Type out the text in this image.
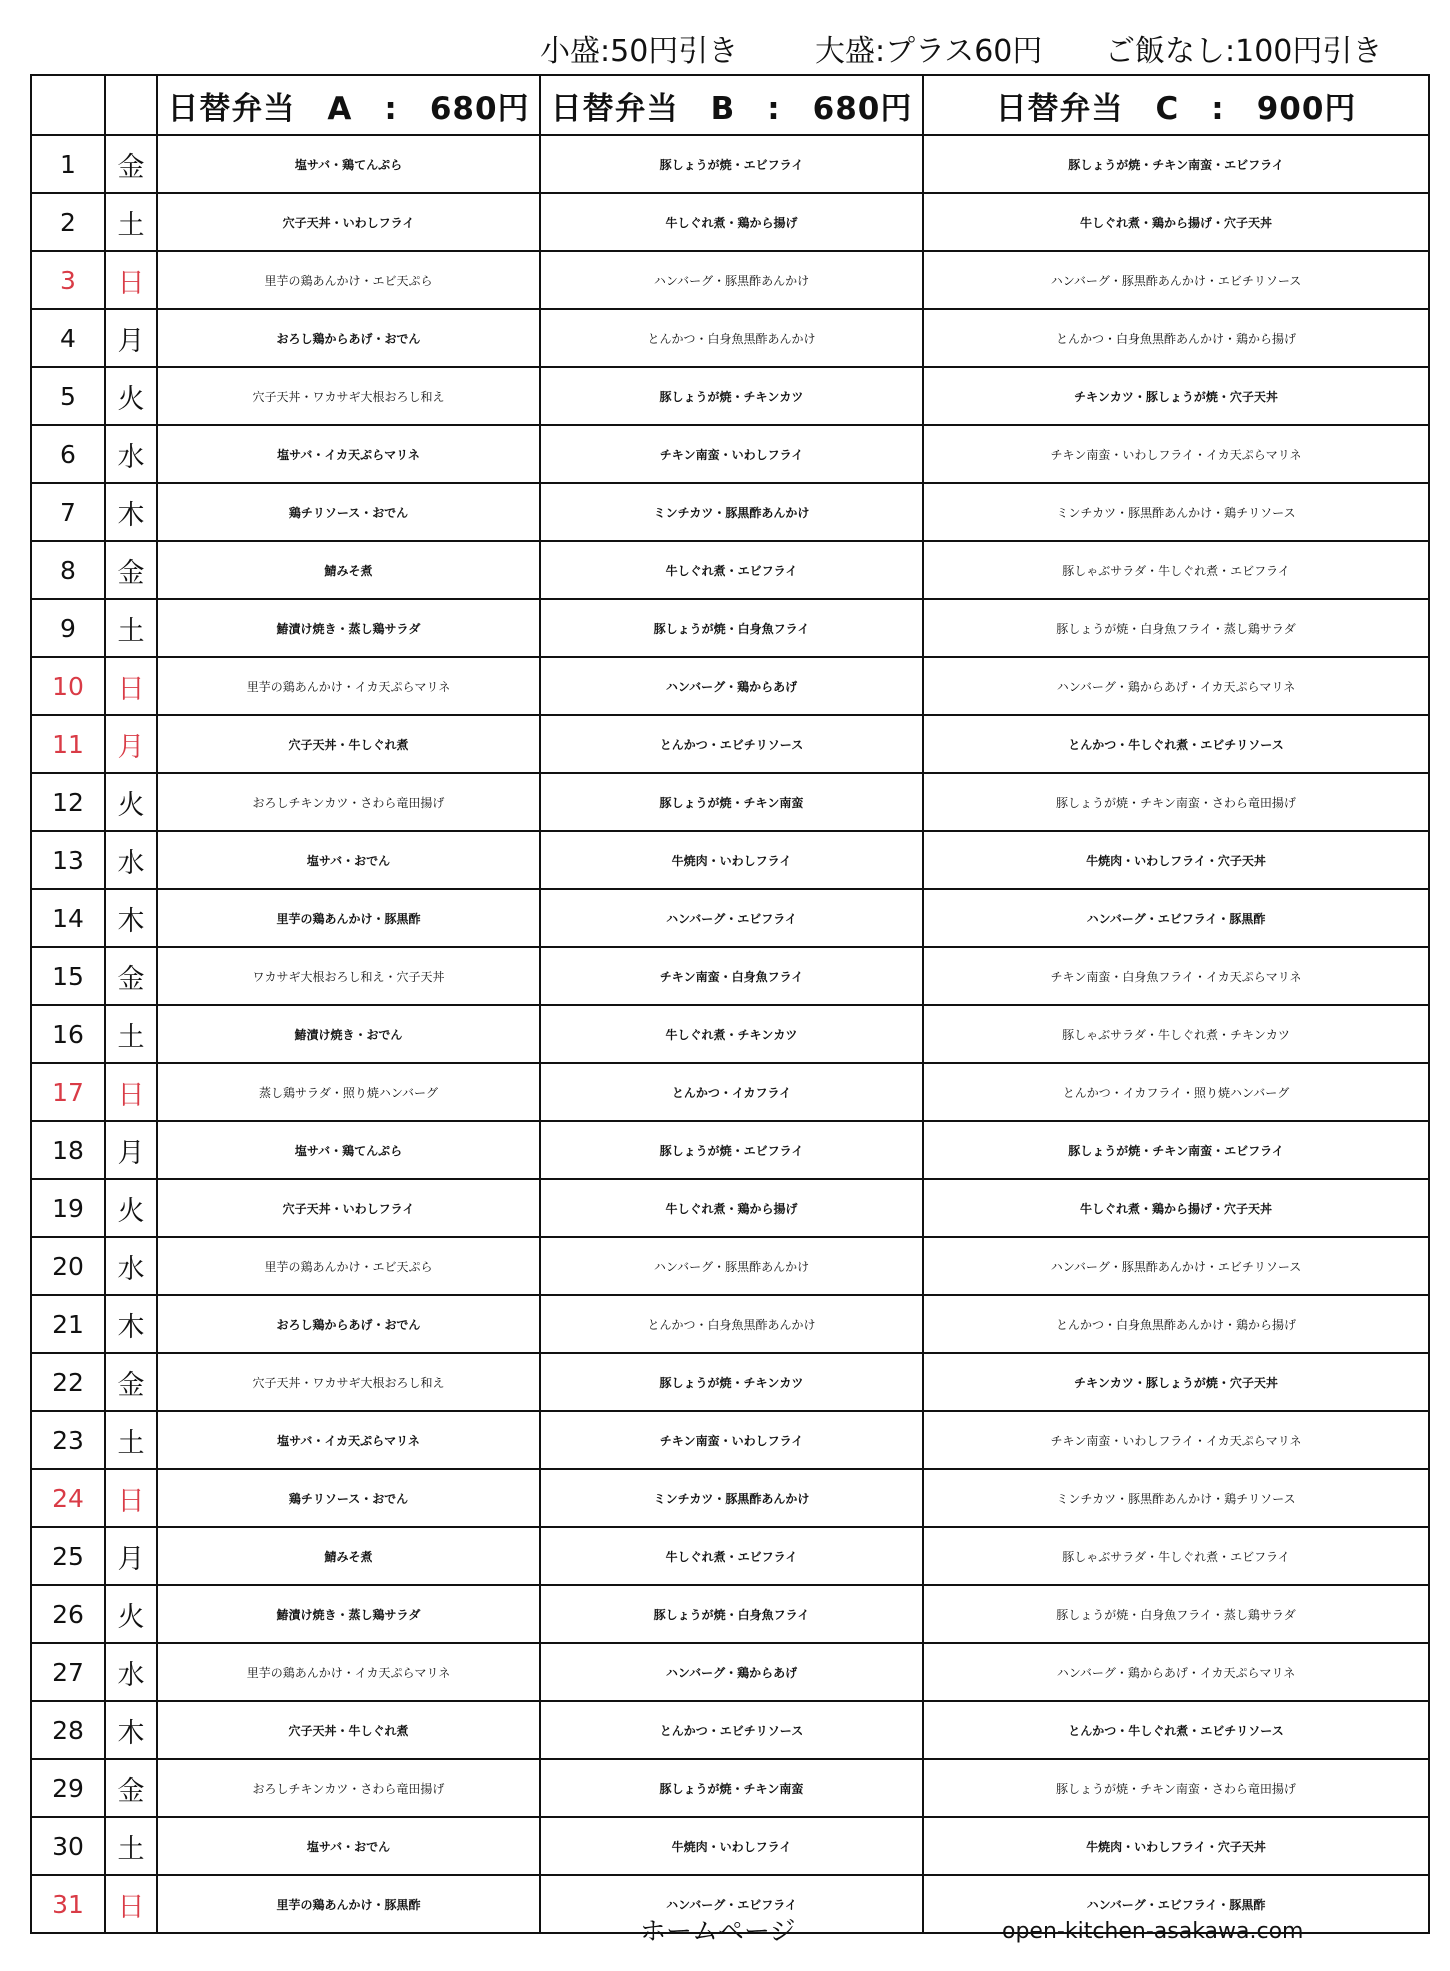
小盛:50円引き	大盛:プラス60円 ご飯なし:100円引き
		日替弁当　A　:　680円	日替弁当　B　:　680円	日替弁当　C　:　900円
1	金	塩サバ・鶏てんぷら	豚しょうが焼・エビフライ	豚しょうが焼・チキン南蛮・エビフライ
2	土	穴子天丼・いわしフライ	牛しぐれ煮・鶏から揚げ	牛しぐれ煮・鶏から揚げ・穴子天丼
3	日	里芋の鶏あんかけ・エビ天ぷら	ハンバーグ・豚黒酢あんかけ	ハンバーグ・豚黒酢あんかけ・エビチリソース
4	月	おろし鶏からあげ・おでん	とんかつ・白身魚黒酢あんかけ	とんかつ・白身魚黒酢あんかけ・鶏から揚げ
5	火	穴子天丼・ワカサギ大根おろし和え	豚しょうが焼・チキンカツ	チキンカツ・豚しょうが焼・穴子天丼
6	水	塩サバ・イカ天ぷらマリネ	チキン南蛮・いわしフライ	チキン南蛮・いわしフライ・イカ天ぷらマリネ
7	木	鶏チリソース・おでん	ミンチカツ・豚黒酢あんかけ	ミンチカツ・豚黒酢あんかけ・鶏チリソース
8	金	鯖みそ煮	牛しぐれ煮・エビフライ	豚しゃぶサラダ・牛しぐれ煮・エビフライ
9	土	鰆漬け焼き・蒸し鶏サラダ	豚しょうが焼・白身魚フライ	豚しょうが焼・白身魚フライ・蒸し鶏サラダ
10	日	里芋の鶏あんかけ・イカ天ぷらマリネ	ハンバーグ・鶏からあげ	ハンバーグ・鶏からあげ・イカ天ぷらマリネ
11	月	穴子天丼・牛しぐれ煮	とんかつ・エビチリソース	とんかつ・牛しぐれ煮・エビチリソース
12	火	おろしチキンカツ・さわら竜田揚げ	豚しょうが焼・チキン南蛮	豚しょうが焼・チキン南蛮・さわら竜田揚げ
13	水	塩サバ・おでん	牛焼肉・いわしフライ	牛焼肉・いわしフライ・穴子天丼
14	木	里芋の鶏あんかけ・豚黒酢	ハンバーグ・エビフライ	ハンバーグ・エビフライ・豚黒酢
15	金	ワカサギ大根おろし和え・穴子天丼	チキン南蛮・白身魚フライ	チキン南蛮・白身魚フライ・イカ天ぷらマリネ
16	土	鰆漬け焼き・おでん	牛しぐれ煮・チキンカツ	豚しゃぶサラダ・牛しぐれ煮・チキンカツ
17	日	蒸し鶏サラダ・照り焼ハンバーグ	とんかつ・イカフライ	とんかつ・イカフライ・照り焼ハンバーグ
18	月	塩サバ・鶏てんぷら	豚しょうが焼・エビフライ	豚しょうが焼・チキン南蛮・エビフライ
19	火	穴子天丼・いわしフライ	牛しぐれ煮・鶏から揚げ	牛しぐれ煮・鶏から揚げ・穴子天丼
20	水	里芋の鶏あんかけ・エビ天ぷら	ハンバーグ・豚黒酢あんかけ	ハンバーグ・豚黒酢あんかけ・エビチリソース
21	木	おろし鶏からあげ・おでん	とんかつ・白身魚黒酢あんかけ	とんかつ・白身魚黒酢あんかけ・鶏から揚げ
22	金	穴子天丼・ワカサギ大根おろし和え	豚しょうが焼・チキンカツ	チキンカツ・豚しょうが焼・穴子天丼
23	土	塩サバ・イカ天ぷらマリネ	チキン南蛮・いわしフライ	チキン南蛮・いわしフライ・イカ天ぷらマリネ
24	日	鶏チリソース・おでん	ミンチカツ・豚黒酢あんかけ	ミンチカツ・豚黒酢あんかけ・鶏チリソース
25	月	鯖みそ煮	牛しぐれ煮・エビフライ	豚しゃぶサラダ・牛しぐれ煮・エビフライ
26	火	鰆漬け焼き・蒸し鶏サラダ	豚しょうが焼・白身魚フライ	豚しょうが焼・白身魚フライ・蒸し鶏サラダ
27	水	里芋の鶏あんかけ・イカ天ぷらマリネ	ハンバーグ・鶏からあげ	ハンバーグ・鶏からあげ・イカ天ぷらマリネ
28	木	穴子天丼・牛しぐれ煮	とんかつ・エビチリソース	とんかつ・牛しぐれ煮・エビチリソース
29	金	おろしチキンカツ・さわら竜田揚げ	豚しょうが焼・チキン南蛮	豚しょうが焼・チキン南蛮・さわら竜田揚げ
30	土	塩サバ・おでん	牛焼肉・いわしフライ	牛焼肉・いわしフライ・穴子天丼
31	日	里芋の鶏あんかけ・豚黒酢	ハンバーグ・エビフライ	ハンバーグ・エビフライ・豚黒酢
ホームページ	open-kitchen-asakawa.com
